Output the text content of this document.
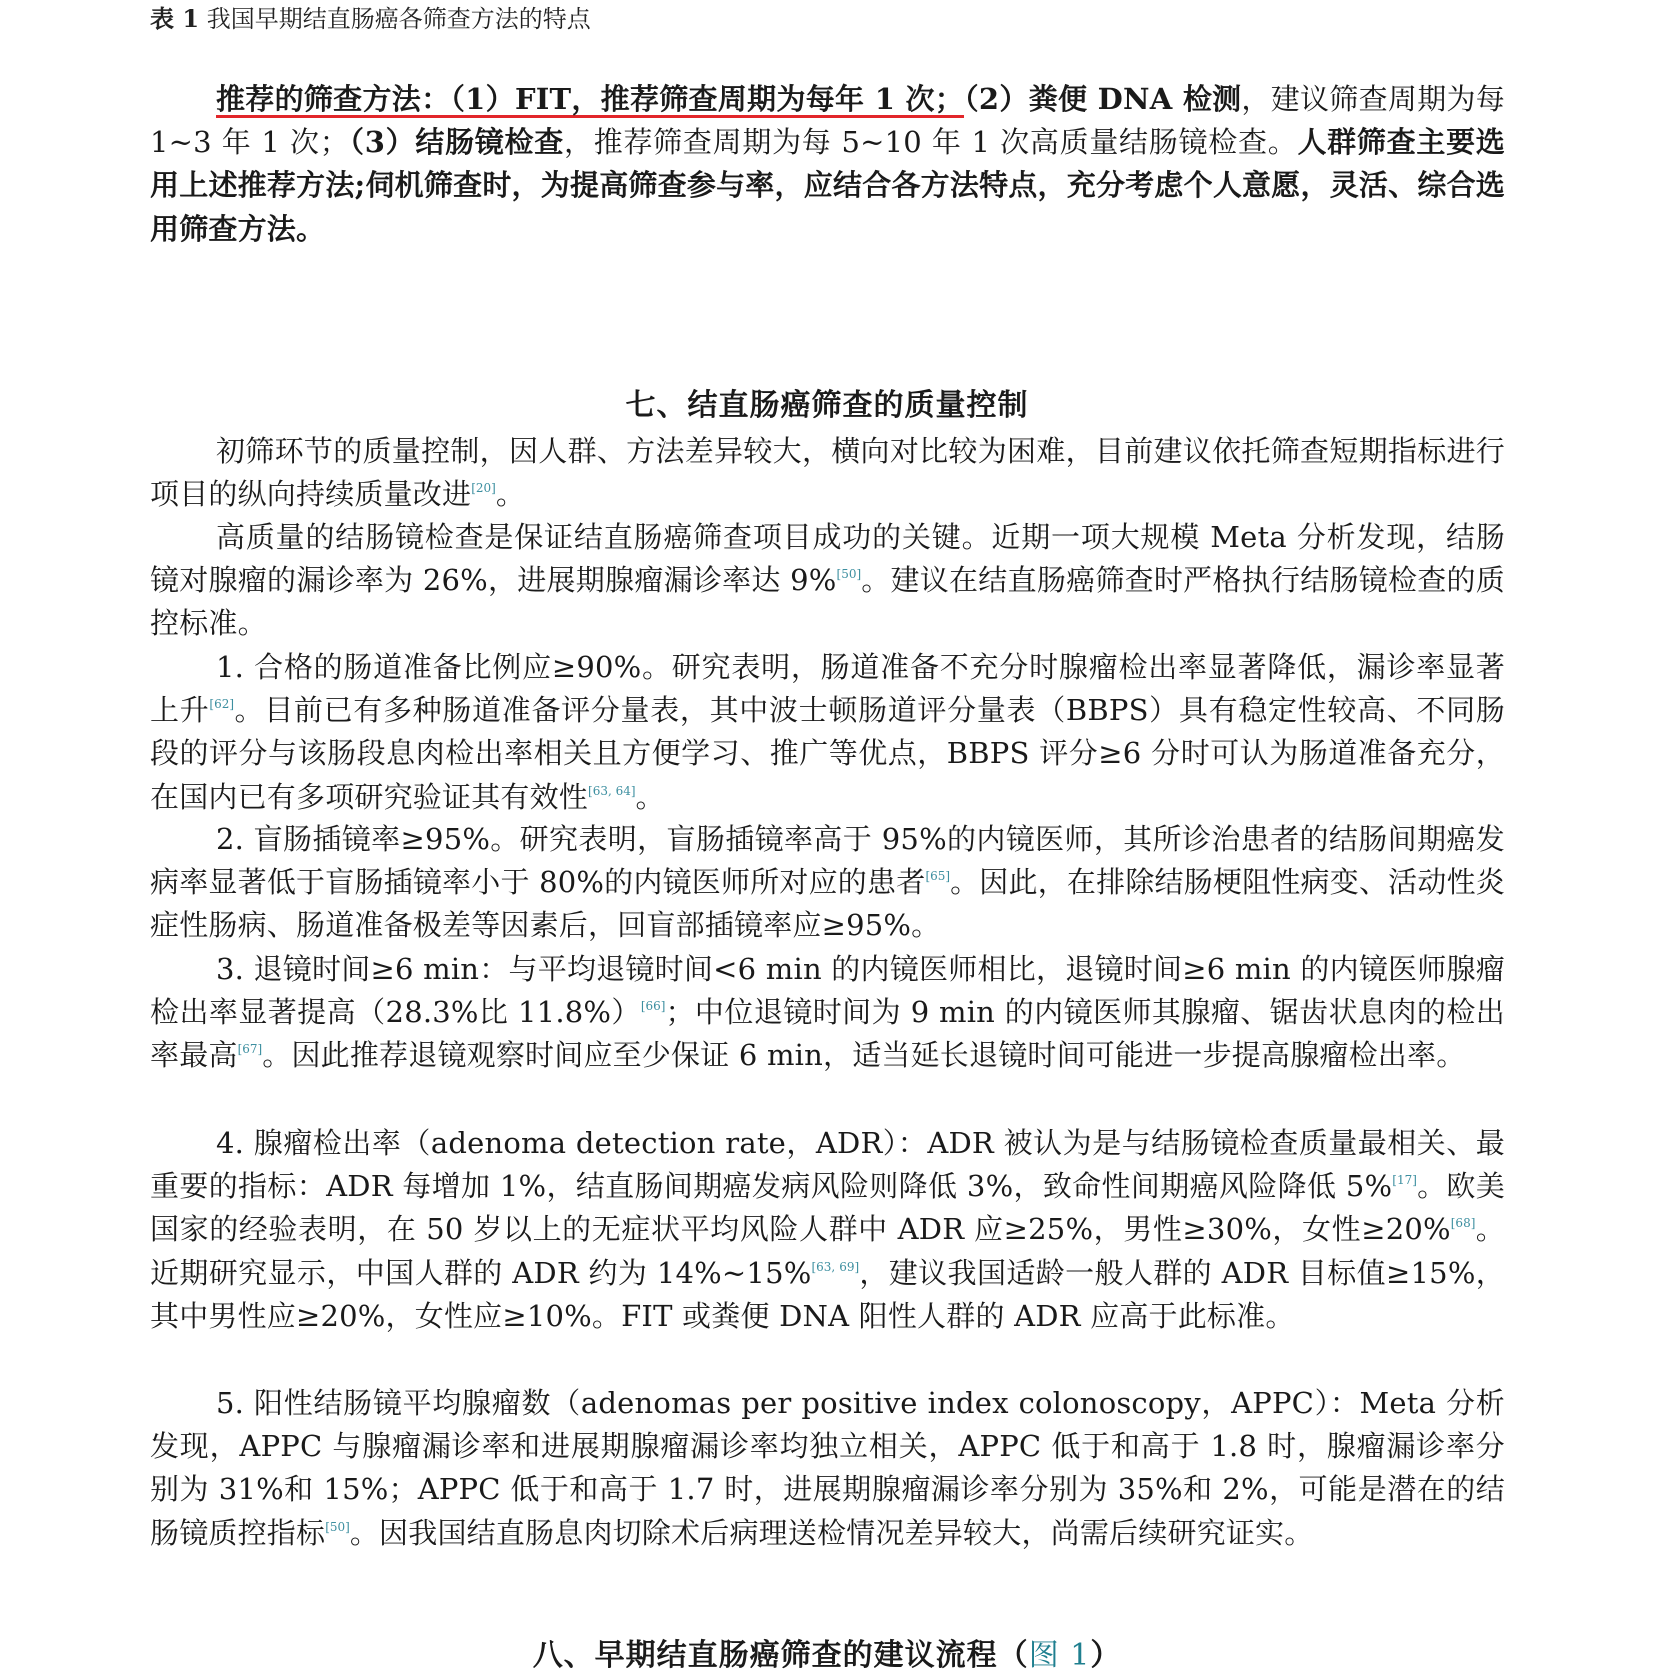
表 1 我国早期结直肠癌各筛查方法的特点
推荐的筛查方法：（1）FIT，推荐筛查周期为每年 1 次；（2）粪便 DNA 检测，建议筛查周期为每 1~3 年 1 次；（3）结肠镜检查，推荐筛查周期为每 5~10 年 1 次高质量结肠镜检查。人群筛查主要选用上述推荐方法;伺机筛查时，为提高筛查参与率，应结合各方法特点，充分考虑个人意愿，灵活、综合选用筛查方法。
七、结直肠癌筛查的质量控制
初筛环节的质量控制，因人群、方法差异较大，横向对比较为困难，目前建议依托筛查短期指标进行项目的纵向持续质量改进[20]。
高质量的结肠镜检查是保证结直肠癌筛查项目成功的关键。近期一项大规模 Meta 分析发现，结肠镜对腺瘤的漏诊率为 26%，进展期腺瘤漏诊率达 9%[50]。建议在结直肠癌筛查时严格执行结肠镜检查的质控标准。
1. 合格的肠道准备比例应≥90%。研究表明，肠道准备不充分时腺瘤检出率显著降低，漏诊率显著上升[62]。目前已有多种肠道准备评分量表，其中波士顿肠道评分量表（BBPS）具有稳定性较高、不同肠段的评分与该肠段息肉检出率相关且方便学习、推广等优点，BBPS 评分≥6 分时可认为肠道准备充分，在国内已有多项研究验证其有效性[63, 64]。
2. 盲肠插镜率≥95%。研究表明，盲肠插镜率高于 95%的内镜医师，其所诊治患者的结肠间期癌发病率显著低于盲肠插镜率小于 80%的内镜医师所对应的患者[65]。因此，在排除结肠梗阻性病变、活动性炎症性肠病、肠道准备极差等因素后，回盲部插镜率应≥95%。
3. 退镜时间≥6 min：与平均退镜时间<6 min 的内镜医师相比，退镜时间≥6 min 的内镜医师腺瘤检出率显著提高（28.3%比 11.8%）[66]；中位退镜时间为 9 min 的内镜医师其腺瘤、锯齿状息肉的检出率最高[67]。因此推荐退镜观察时间应至少保证 6 min，适当延长退镜时间可能进一步提高腺瘤检出率。
4. 腺瘤检出率（adenoma detection rate，ADR）：ADR 被认为是与结肠镜检查质量最相关、最重要的指标：ADR 每增加 1%，结直肠间期癌发病风险则降低 3%，致命性间期癌风险降低 5%[17]。欧美国家的经验表明，在 50 岁以上的无症状平均风险人群中 ADR 应≥25%，男性≥30%，女性≥20%[68]。近期研究显示，中国人群的 ADR 约为 14%~15%[63, 69]，建议我国适龄一般人群的 ADR 目标值≥15%，其中男性应≥20%，女性应≥10%。FIT 或粪便 DNA 阳性人群的 ADR 应高于此标准。
5. 阳性结肠镜平均腺瘤数（adenomas per positive index colonoscopy，APPC）：Meta 分析发现，APPC 与腺瘤漏诊率和进展期腺瘤漏诊率均独立相关，APPC 低于和高于 1.8 时，腺瘤漏诊率分别为 31%和 15%；APPC 低于和高于 1.7 时，进展期腺瘤漏诊率分别为 35%和 2%，可能是潜在的结肠镜质控指标[50]。因我国结直肠息肉切除术后病理送检情况差异较大，尚需后续研究证实。
八、早期结直肠癌筛查的建议流程（图 1）
